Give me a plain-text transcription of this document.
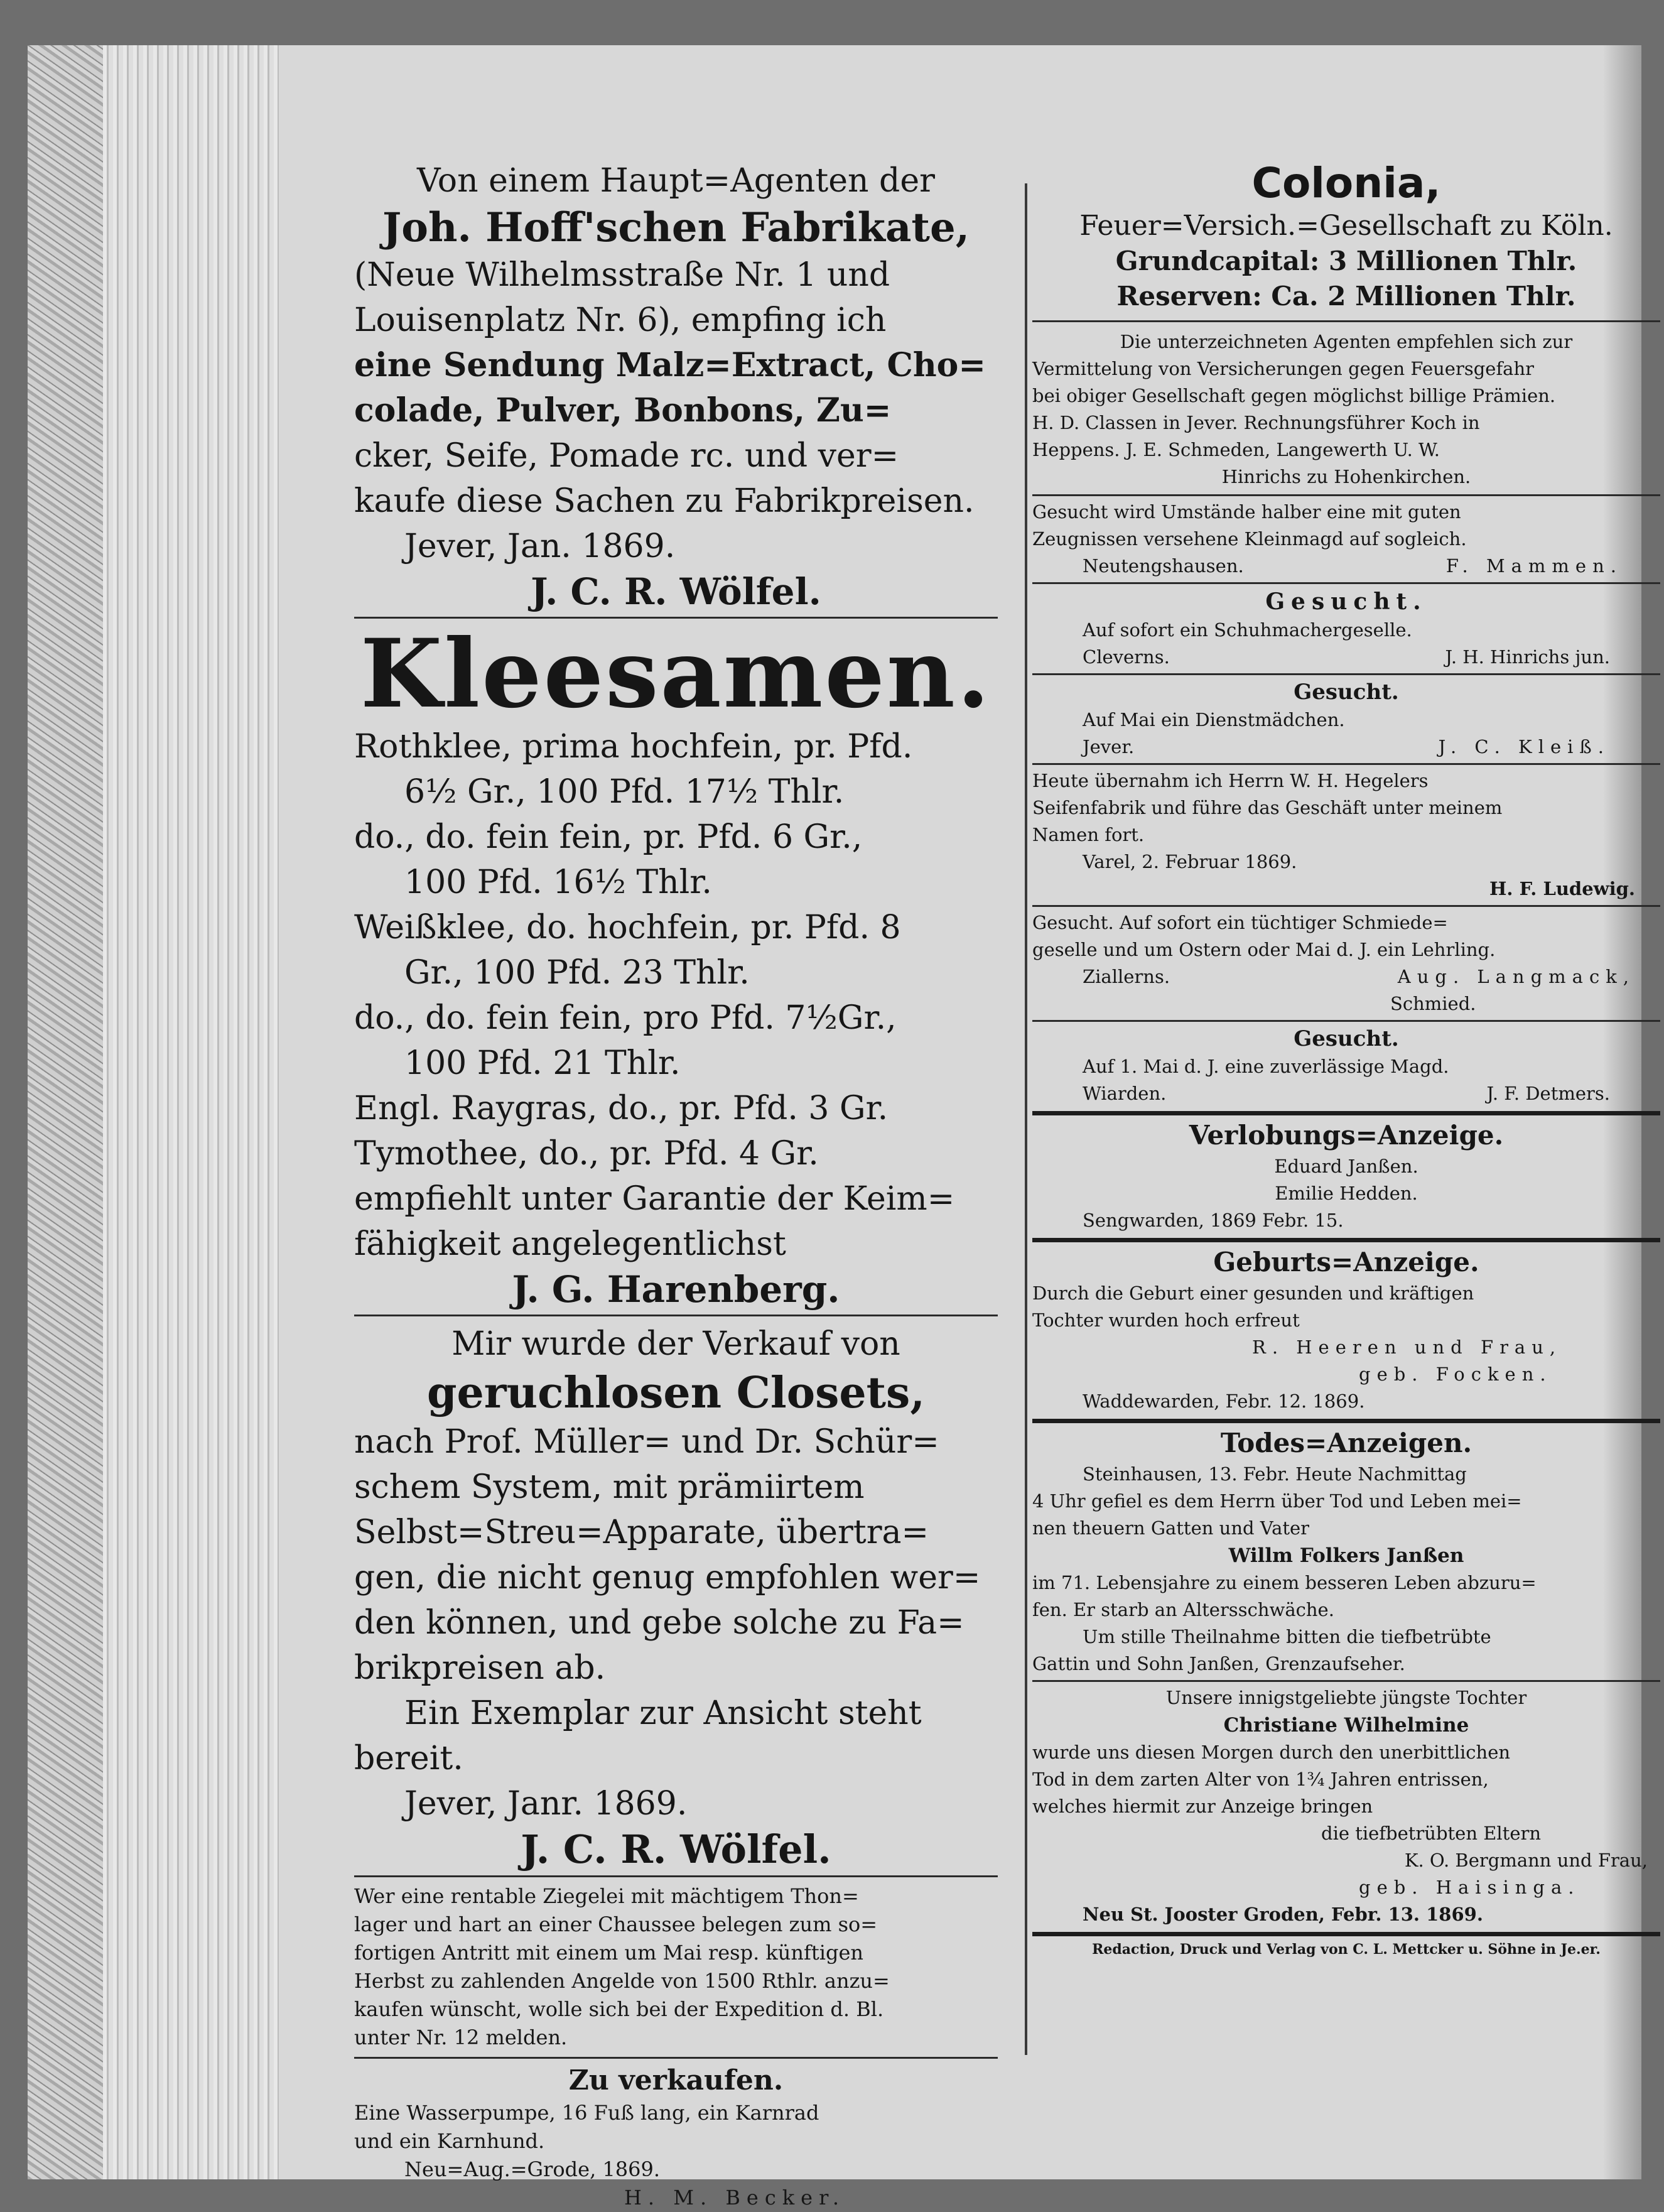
Von einem Haupt=Agenten der

Joh. Hoff'schen Fabrikate,

(Neue Wilhelmsstraße Nr. 1 und

Louisenplatz Nr. 6), empfing ich

eine Sendung Malz=Extract, Cho=

colade, Pulver, Bonbons, Zu=

cker, Seife, Pomade rc. und ver=

kaufe diese Sachen zu Fabrikpreisen.

Jever, Jan. 1869.

J. C. R. Wölfel.

Kleesamen.

Rothklee, prima hochfein, pr. Pfd.

6½ Gr., 100 Pfd. 17½ Thlr.

do., do. fein fein, pr. Pfd. 6 Gr.,

100 Pfd. 16½ Thlr.

Weißklee, do. hochfein, pr. Pfd. 8

Gr., 100 Pfd. 23 Thlr.

do., do. fein fein, pro Pfd. 7½Gr.,

100 Pfd. 21 Thlr.

Engl. Raygras, do., pr. Pfd. 3 Gr.

Tymothee, do., pr. Pfd. 4 Gr.

empfiehlt unter Garantie der Keim=

fähigkeit angelegentlichst

J. G. Harenberg.

Mir wurde der Verkauf von

geruchlosen Closets,

nach Prof. Müller= und Dr. Schür=

schem System, mit prämiirtem

Selbst=Streu=Apparate, übertra=

gen, die nicht genug empfohlen wer=

den können, und gebe solche zu Fa=

brikpreisen ab.

Ein Exemplar zur Ansicht steht

bereit.

Jever, Janr. 1869.

J. C. R. Wölfel.

Wer eine rentable Ziegelei mit mächtigem Thon=

lager und hart an einer Chaussee belegen zum so=

fortigen Antritt mit einem um Mai resp. künftigen

Herbst zu zahlenden Angelde von 1500 Rthlr. anzu=

kaufen wünscht, wolle sich bei der Expedition d. Bl.

unter Nr. 12 melden.

Zu verkaufen.

Eine Wasserpumpe, 16 Fuß lang, ein Karnrad

und ein Karnhund.

Neu=Aug.=Grode, 1869.

H. M. Becker.

Colonia,

Feuer=Versich.=Gesellschaft zu Köln.

Grundcapital: 3 Millionen Thlr.

Reserven: Ca. 2 Millionen Thlr.

Die unterzeichneten Agenten empfehlen sich zur

Vermittelung von Versicherungen gegen Feuersgefahr

bei obiger Gesellschaft gegen möglichst billige Prämien.

H. D. Classen in Jever. Rechnungsführer Koch in

Heppens. J. E. Schmeden, Langewerth U. W.

Hinrichs zu Hohenkirchen.

Gesucht wird Umstände halber eine mit guten

Zeugnissen versehene Kleinmagd auf sogleich.

Neutengshausen.	F. Mammen.

Gesucht.

Auf sofort ein Schuhmachergeselle.

Cleverns.	J. H. Hinrichs jun.

Gesucht.

Auf Mai ein Dienstmädchen.

Jever.	J. C. Kleiß.

Heute übernahm ich Herrn W. H. Hegelers

Seifenfabrik und führe das Geschäft unter meinem

Namen fort.

Varel, 2. Februar 1869.

H. F. Ludewig.

Gesucht. Auf sofort ein tüchtiger Schmiede=

geselle und um Ostern oder Mai d. J. ein Lehrling.

Ziallerns.	Aug. Langmack,

Schmied.

Gesucht.

Auf 1. Mai d. J. eine zuverlässige Magd.

Wiarden.	J. F. Detmers.

Verlobungs=Anzeige.

Eduard Janßen.

Emilie Hedden.

Sengwarden, 1869 Febr. 15.

Geburts=Anzeige.

Durch die Geburt einer gesunden und kräftigen

Tochter wurden hoch erfreut

R. Heeren und Frau,

geb. Focken.

Waddewarden, Febr. 12. 1869.

Todes=Anzeigen.

Steinhausen, 13. Febr. Heute Nachmittag

4 Uhr gefiel es dem Herrn über Tod und Leben mei=

nen theuern Gatten und Vater

Willm Folkers Janßen

im 71. Lebensjahre zu einem besseren Leben abzuru=

fen. Er starb an Altersschwäche.

Um stille Theilnahme bitten die tiefbetrübte

Gattin und Sohn Janßen, Grenzaufseher.

Unsere innigstgeliebte jüngste Tochter

Christiane Wilhelmine

wurde uns diesen Morgen durch den unerbittlichen

Tod in dem zarten Alter von 1¾ Jahren entrissen,

welches hiermit zur Anzeige bringen

die tiefbetrübten Eltern

K. O. Bergmann und Frau,

geb. Haisinga.

Neu St. Jooster Groden, Febr. 13. 1869.

Redaction, Druck und Verlag von C. L. Mettcker u. Söhne in Je.er.
